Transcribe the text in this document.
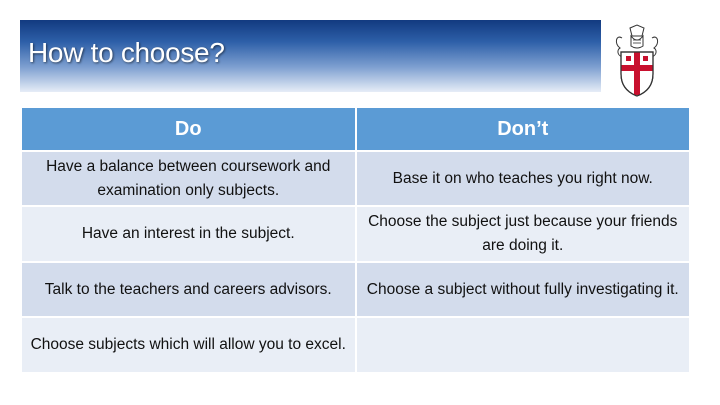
How to choose?
Do	Don’t
Have a balance between coursework and examination only subjects.	Base it on who teaches you right now.
Have an interest in the subject.	Choose the subject just because your friends are doing it.
Talk to the teachers and careers advisors.	Choose a subject without fully investigating it.
Choose subjects which will allow you to excel.	
